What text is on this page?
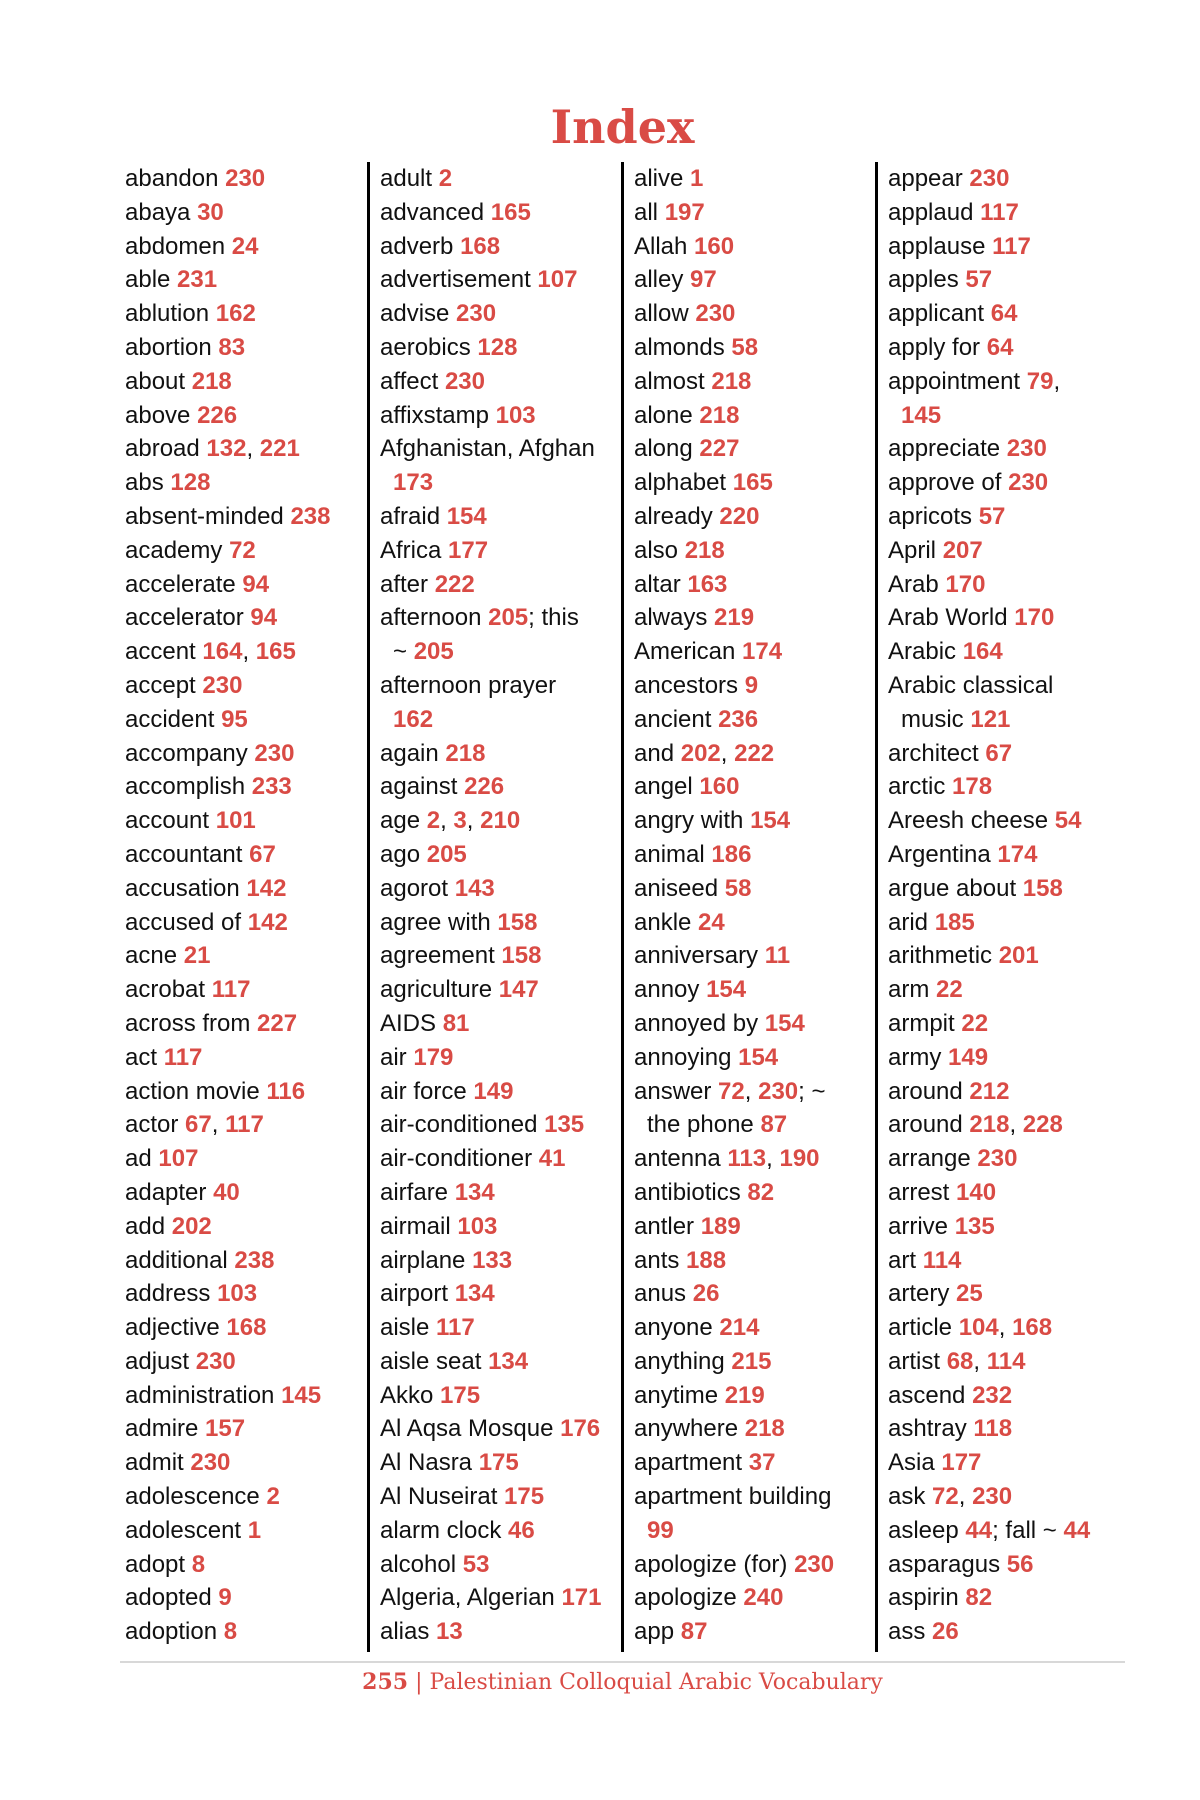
Index
abandon 230
abaya 30
abdomen 24
able 231
ablution 162
abortion 83
about 218
above 226
abroad 132, 221
abs 128
absent-minded 238
academy 72
accelerate 94
accelerator 94
accent 164, 165
accept 230
accident 95
accompany 230
accomplish 233
account 101
accountant 67
accusation 142
accused of 142
acne 21
acrobat 117
across from 227
act 117
action movie 116
actor 67, 117
ad 107
adapter 40
add 202
additional 238
address 103
adjective 168
adjust 230
administration 145
admire 157
admit 230
adolescence 2
adolescent 1
adopt 8
adopted 9
adoption 8
adult 2
advanced 165
adverb 168
advertisement 107
advise 230
aerobics 128
affect 230
affixstamp 103
Afghanistan, Afghan
173
afraid 154
Africa 177
after 222
afternoon 205; this
~ 205
afternoon prayer
162
again 218
against 226
age 2, 3, 210
ago 205
agorot 143
agree with 158
agreement 158
agriculture 147
AIDS 81
air 179
air force 149
air-conditioned 135
air-conditioner 41
airfare 134
airmail 103
airplane 133
airport 134
aisle 117
aisle seat 134
Akko 175
Al Aqsa Mosque 176
Al Nasra 175
Al Nuseirat 175
alarm clock 46
alcohol 53
Algeria, Algerian 171
alias 13
alive 1
all 197
Allah 160
alley 97
allow 230
almonds 58
almost 218
alone 218
along 227
alphabet 165
already 220
also 218
altar 163
always 219
American 174
ancestors 9
ancient 236
and 202, 222
angel 160
angry with 154
animal 186
aniseed 58
ankle 24
anniversary 11
annoy 154
annoyed by 154
annoying 154
answer 72, 230; ~
the phone 87
antenna 113, 190
antibiotics 82
antler 189
ants 188
anus 26
anyone 214
anything 215
anytime 219
anywhere 218
apartment 37
apartment building
99
apologize (for) 230
apologize 240
app 87
appear 230
applaud 117
applause 117
apples 57
applicant 64
apply for 64
appointment 79,
145
appreciate 230
approve of 230
apricots 57
April 207
Arab 170
Arab World 170
Arabic 164
Arabic classical
music 121
architect 67
arctic 178
Areesh cheese 54
Argentina 174
argue about 158
arid 185
arithmetic 201
arm 22
armpit 22
army 149
around 212
around 218, 228
arrange 230
arrest 140
arrive 135
art 114
artery 25
article 104, 168
artist 68, 114
ascend 232
ashtray 118
Asia 177
ask 72, 230
asleep 44; fall ~ 44
asparagus 56
aspirin 82
ass 26
255 | Palestinian Colloquial Arabic Vocabulary
